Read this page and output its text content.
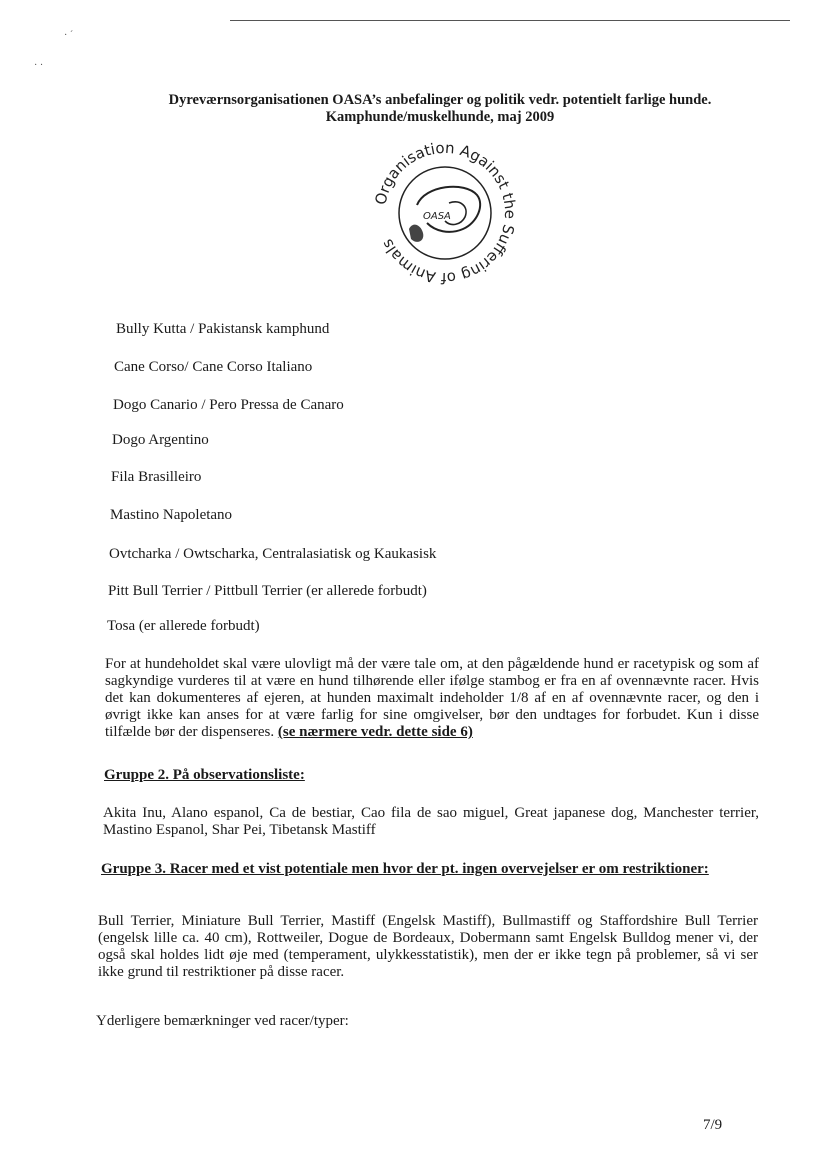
· ´
· ·
Dyreværnsorganisationen OASA’s anbefalinger og politik vedr. potentielt farlige hunde.
Kamphunde/muskelhunde, maj 2009
Organisation Against the Suffering of Animals
OASA
Bully Kutta / Pakistansk kamphund
Cane Corso/ Cane Corso Italiano
Dogo Canario / Pero Pressa de Canaro
Dogo Argentino
Fila Brasilleiro
Mastino Napoletano
Ovtcharka / Owtscharka, Centralasiatisk og Kaukasisk
Pitt Bull Terrier / Pittbull Terrier (er allerede forbudt)
Tosa (er allerede forbudt)
For at hundeholdet skal være ulovligt må der være tale om, at den pågældende hund er racetypisk og som af sagkyndige vurderes til at være en hund tilhørende eller ifølge stambog er fra en af ovennævnte racer. Hvis det kan dokumenteres af ejeren, at hunden maximalt indeholder 1/8 af en af ovennævnte racer, og den i øvrigt ikke kan anses for at være farlig for sine omgivelser, bør den undtages for forbudet. Kun i disse tilfælde bør der dispenseres. (se nærmere vedr. dette side 6)
Gruppe 2. På observationsliste:
Akita Inu, Alano espanol, Ca de bestiar, Cao fila de sao miguel, Great japanese dog, Manchester terrier, Mastino Espanol, Shar Pei, Tibetansk Mastiff
Gruppe 3. Racer med et vist potentiale men hvor der pt. ingen overvejelser er om restriktioner:
Bull Terrier, Miniature Bull Terrier, Mastiff (Engelsk Mastiff), Bullmastiff og Staffordshire Bull Terrier (engelsk lille ca. 40 cm), Rottweiler, Dogue de Bordeaux, Dobermann samt Engelsk Bulldog mener vi, der også skal holdes lidt øje med (temperament, ulykkesstatistik), men der er ikke tegn på problemer, så vi ser ikke grund til restriktioner på disse racer.
Yderligere bemærkninger ved racer/typer:
7/9
